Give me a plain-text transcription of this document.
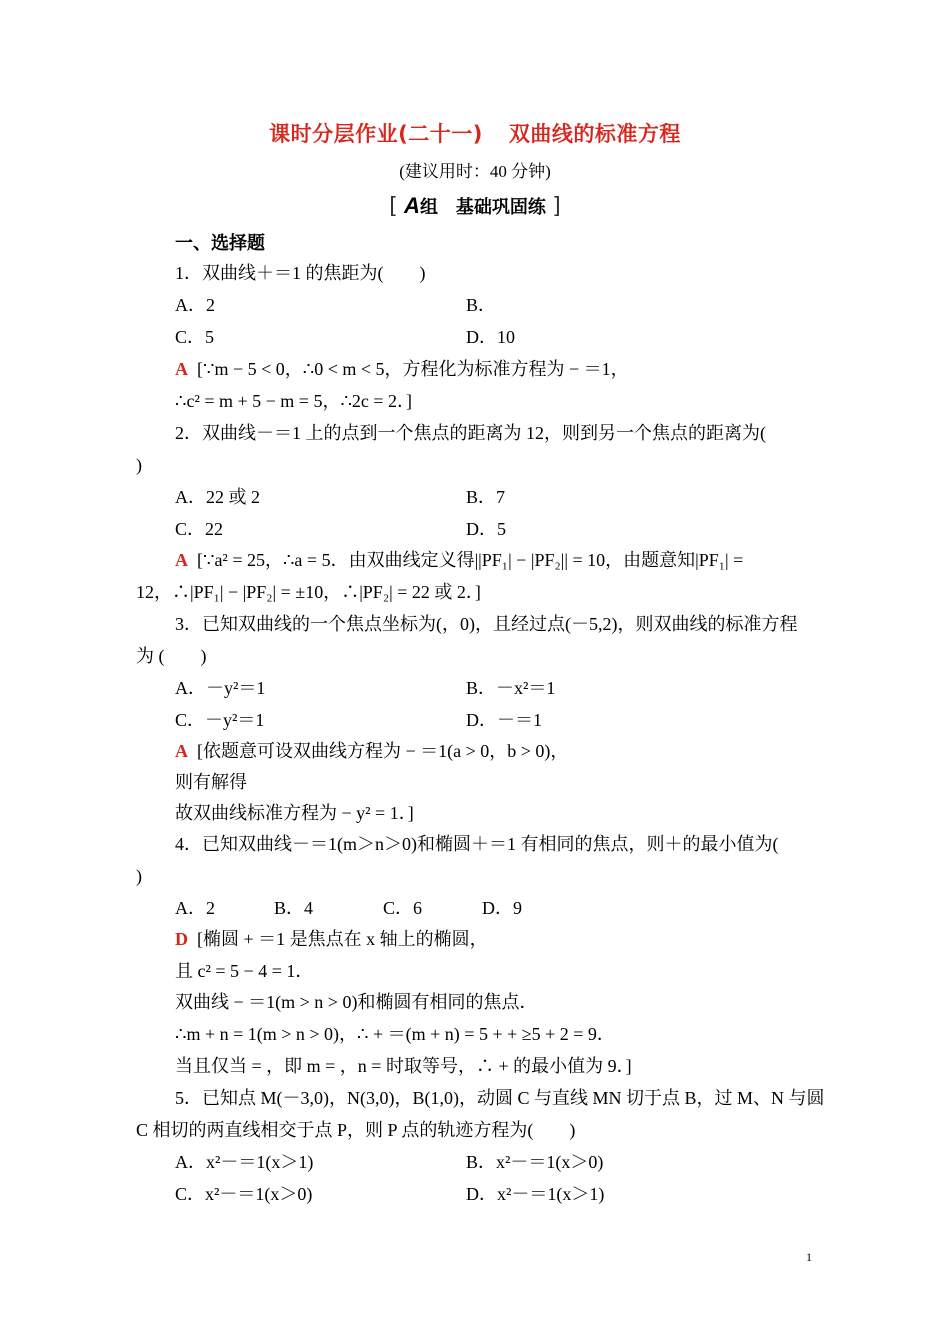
课时分层作业(二十一) 双曲线的标准方程
(建议用时：40 分钟)
[ A组　基础巩固练 ]
一、选择题
1．双曲线＋＝1 的焦距为(　　)
A．2	B．
C．5	D．10
A [∵m − 5 < 0，∴0 < m < 5，方程化为标准方程为 − ＝1，
∴c² = m + 5 − m = 5，∴2c = 2．]
2．双曲线－＝1 上的点到一个焦点的距离为 12，则到另一个焦点的距离为(
)
A．22 或 2	B．7
C．22	D．5
A [∵a² = 25，∴a = 5．由双曲线定义得||PF₁| − |PF₂|| = 10，由题意知|PF₁| =
12，∴|PF₁| − |PF₂| = ±10，∴|PF₂| = 22 或 2．]
3．已知双曲线的一个焦点坐标为(，0)，且经过点(－5,2)，则双曲线的标准方程
为 (　　)
A．－y²＝1	B．－x²＝1
C．－y²＝1	D．－＝1
A [依题意可设双曲线方程为 − ＝1(a > 0，b > 0)，
则有解得
故双曲线标准方程为 − y² = 1．]
4．已知双曲线－＝1(m＞n＞0)和椭圆＋＝1 有相同的焦点，则＋的最小值为(
)
A．2	B．4	C．6	D．9
D [椭圆 + ＝1 是焦点在 x 轴上的椭圆，
且 c² = 5 − 4 = 1．
双曲线 − ＝1(m > n > 0)和椭圆有相同的焦点．
∴m + n = 1(m > n > 0)，∴ + ＝(m + n) = 5 + + ≥5 + 2 = 9．
当且仅当 = ，即 m = ，n = 时取等号，∴ + 的最小值为 9．]
5．已知点 M(－3,0)，N(3,0)，B(1,0)，动圆 C 与直线 MN 切于点 B，过 M、N 与圆
C 相切的两直线相交于点 P，则 P 点的轨迹方程为(　　)
A．x²－＝1(x＞1)	B．x²－＝1(x＞0)
C．x²－＝1(x＞0)	D．x²－＝1(x＞1)
1
